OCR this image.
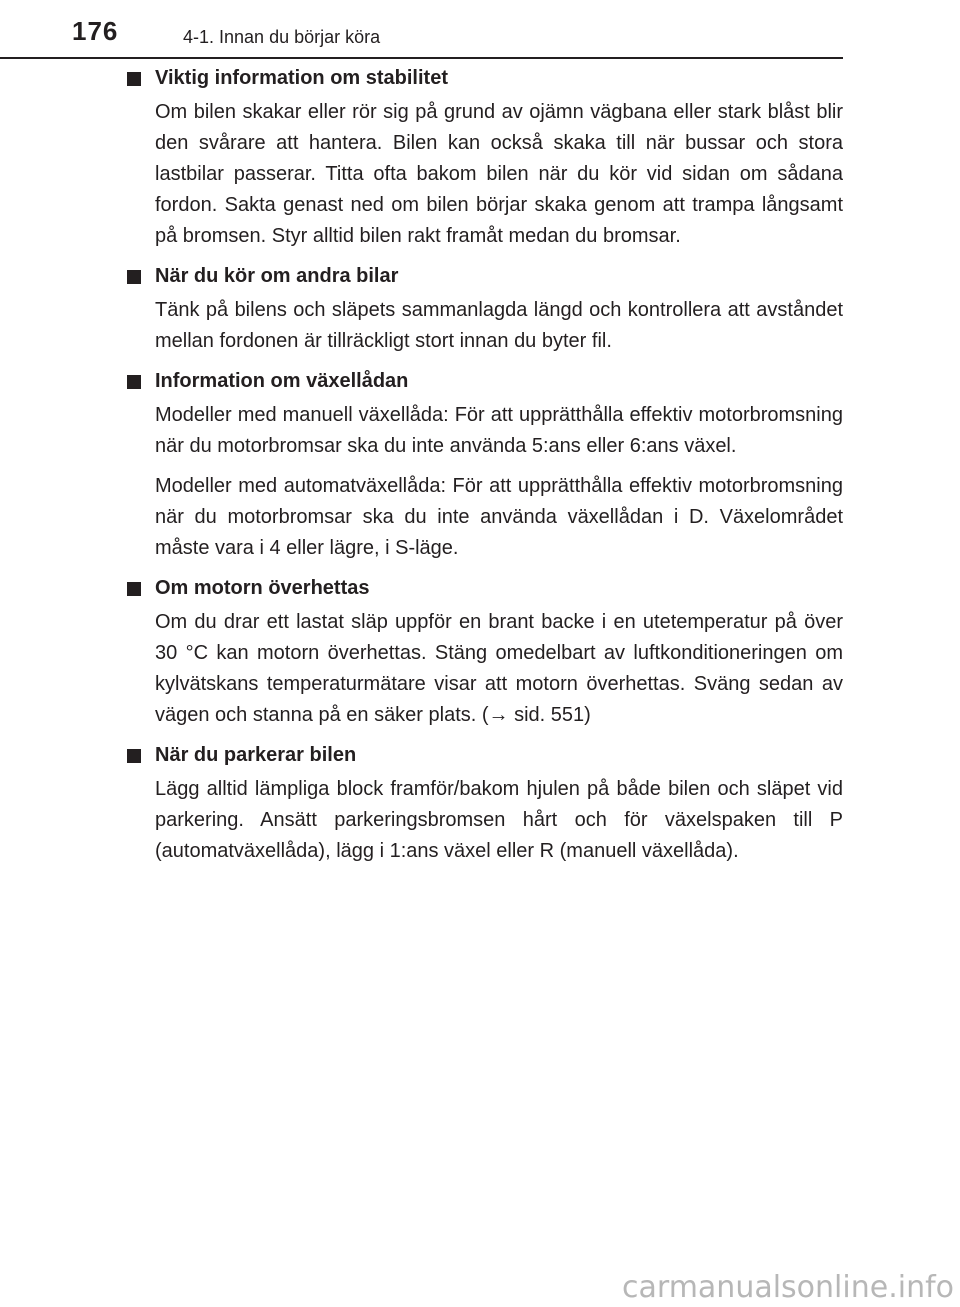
176	4-1. Innan du börjar köra
Viktig information om stabilitet

Om bilen skakar eller rör sig på grund av ojämn vägbana eller stark blåst blir den svårare att hantera. Bilen kan också skaka till när bussar och stora lastbilar passerar. Titta ofta bakom bilen när du kör vid sidan om sådana fordon. Sakta genast ned om bilen börjar skaka genom att trampa långsamt på bromsen. Styr alltid bilen rakt framåt medan du bromsar.

När du kör om andra bilar

Tänk på bilens och släpets sammanlagda längd och kontrollera att avståndet mellan fordonen är tillräckligt stort innan du byter fil.

Information om växellådan

Modeller med manuell växellåda: För att upprätthålla effektiv motorbromsning när du motorbromsar ska du inte använda 5:ans eller 6:ans växel.

Modeller med automatväxellåda: För att upprätthålla effektiv motorbromsning när du motorbromsar ska du inte använda växellådan i D. Växelområdet måste vara i 4 eller lägre, i S-läge.

Om motorn överhettas

Om du drar ett lastat släp uppför en brant backe i en utetemperatur på över 30 °C kan motorn överhettas. Stäng omedelbart av luftkonditioneringen om kylvätskans temperaturmätare visar att motorn överhettas. Sväng sedan av vägen och stanna på en säker plats. (→ sid. 551)

När du parkerar bilen

Lägg alltid lämpliga block framför/bakom hjulen på både bilen och släpet vid parkering. Ansätt parkeringsbromsen hårt och för växelspaken till P (automatväxellåda), lägg i 1:ans växel eller R (manuell växellåda).

carmanualsonline.info
